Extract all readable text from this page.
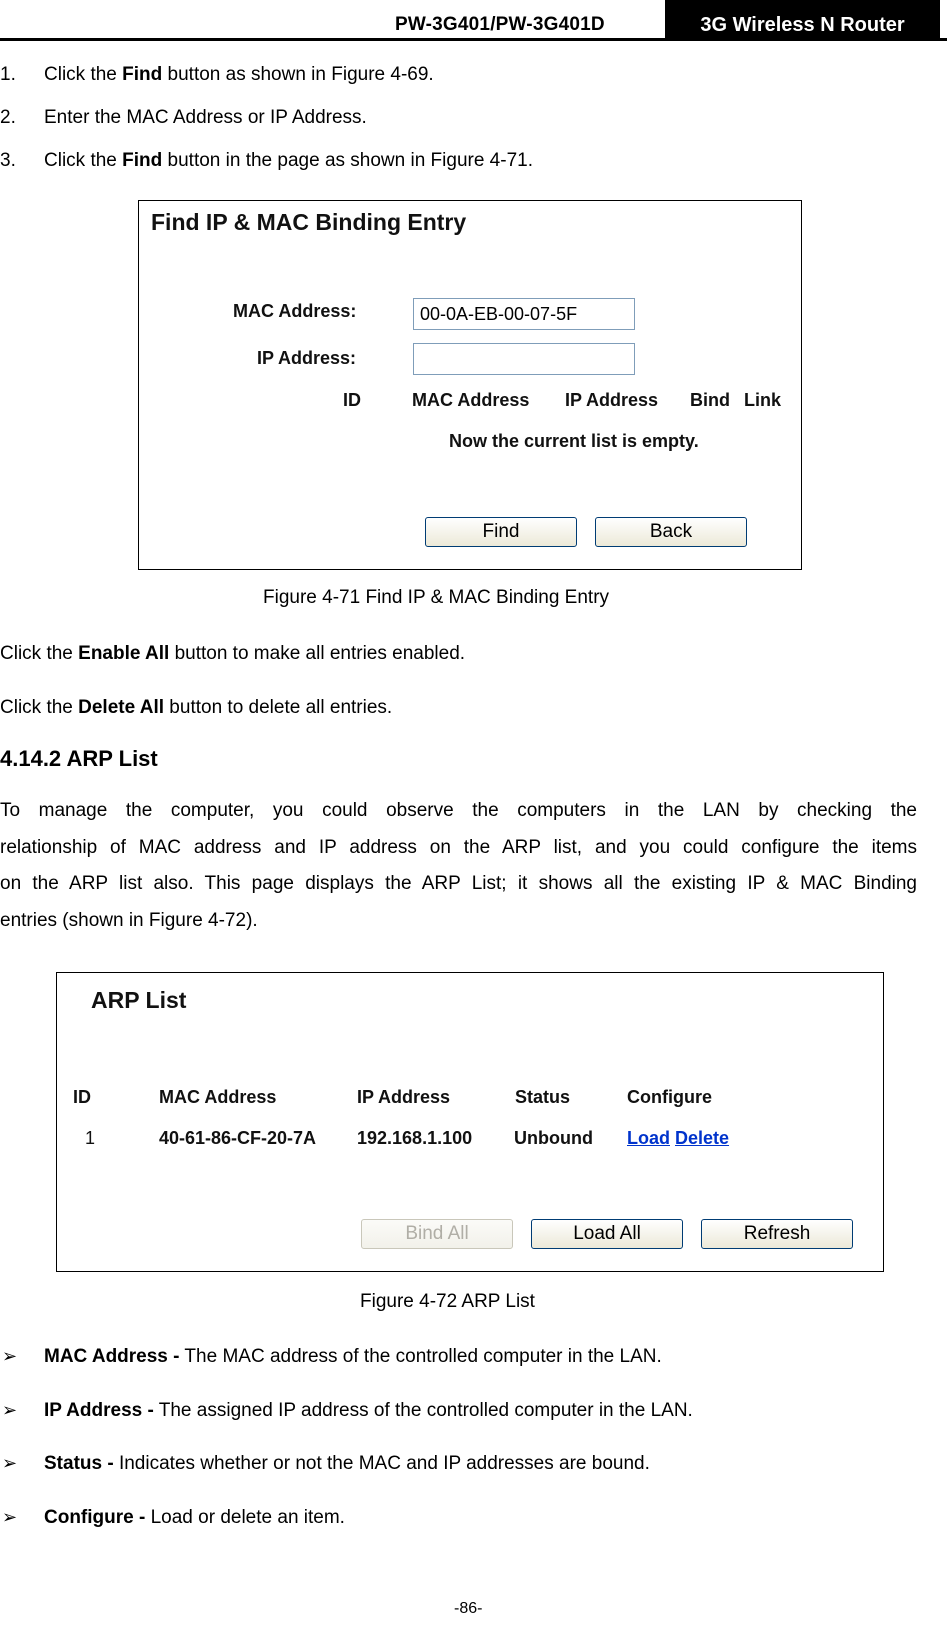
PW-3G401/PW-3G401D	3G Wireless N Router
1. Click the Find button as shown in Figure 4-69.
2. Enter the MAC Address or IP Address.
3. Click the Find button in the page as shown in Figure 4-71.
Find IP & MAC Binding Entry
MAC Address:
00-0A-EB-00-07-5F
IP Address:
ID	MAC Address IP Address Bind Link
Now the current list is empty.
Find	Back
Figure 4-71 Find IP & MAC Binding Entry
Click the Enable All button to make all entries enabled.
Click the Delete All button to delete all entries.
4.14.2 ARP List
To manage the computer, you could observe the computers in the LAN by checking the
relationship of MAC address and IP address on the ARP list, and you could configure the items
on the ARP list also. This page displays the ARP List; it shows all the existing IP & MAC Binding
entries (shown in Figure 4-72).
ARP List
ID	MAC Address	IP Address	Status	Configure
1	40-61-86-CF-20-7A 192.168.1.100 Unbound Load Delete
Bind All	Load All	Refresh
Figure 4-72 ARP List
➢ MAC Address - The MAC address of the controlled computer in the LAN.
➢ IP Address - The assigned IP address of the controlled computer in the LAN.
➢ Status - Indicates whether or not the MAC and IP addresses are bound.
➢ Configure - Load or delete an item.
-86-
